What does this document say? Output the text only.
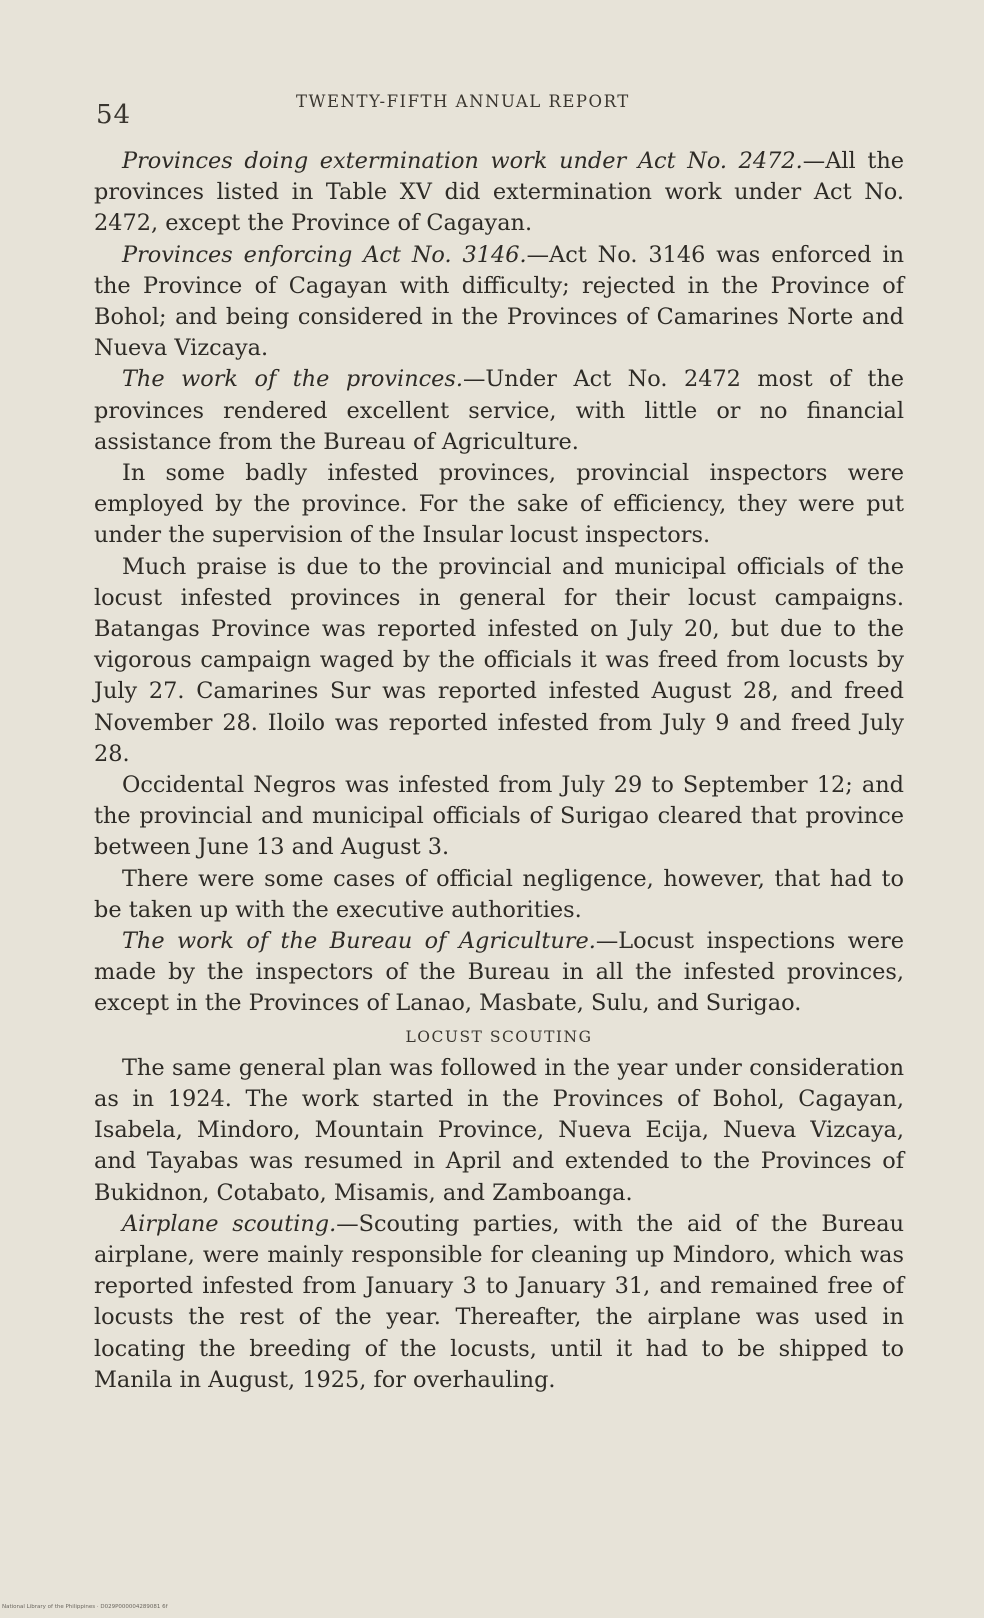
54	TWENTY-FIFTH ANNUAL REPORT

Provinces doing extermination work under Act No. 2472.—All the provinces listed in Table XV did extermination work under Act No. 2472, except the Province of Cagayan.

Provinces enforcing Act No. 3146.—Act No. 3146 was enforced in the Province of Cagayan with difficulty; rejected in the Province of Bohol; and being considered in the Provinces of Camarines Norte and Nueva Vizcaya.

The work of the provinces.—Under Act No. 2472 most of the provinces rendered excellent service, with little or no financial assistance from the Bureau of Agriculture.

In some badly infested provinces, provincial inspectors were employed by the province. For the sake of efficiency, they were put under the supervision of the Insular locust inspectors.

Much praise is due to the provincial and municipal officials of the locust infested provinces in general for their locust campaigns. Batangas Province was reported infested on July 20, but due to the vigorous campaign waged by the officials it was freed from locusts by July 27. Camarines Sur was reported infested August 28, and freed November 28. Iloilo was reported infested from July 9 and freed July 28.

Occidental Negros was infested from July 29 to September 12; and the provincial and municipal officials of Surigao cleared that province between June 13 and August 3.

There were some cases of official negligence, however, that had to be taken up with the executive authorities.

The work of the Bureau of Agriculture.—Locust inspections were made by the inspectors of the Bureau in all the infested provinces, except in the Provinces of Lanao, Masbate, Sulu, and Surigao.

LOCUST SCOUTING

The same general plan was followed in the year under consideration as in 1924. The work started in the Provinces of Bohol, Cagayan, Isabela, Mindoro, Mountain Province, Nueva Ecija, Nueva Vizcaya, and Tayabas was resumed in April and extended to the Provinces of Bukidnon, Cotabato, Misamis, and Zamboanga.

Airplane scouting.—Scouting parties, with the aid of the Bureau airplane, were mainly responsible for cleaning up Mindoro, which was reported infested from January 3 to January 31, and remained free of locusts the rest of the year. Thereafter, the airplane was used in locating the breeding of the locusts, until it had to be shipped to Manila in August, 1925, for overhauling.

National Library of the Philippines · D029P000004289081 6f
